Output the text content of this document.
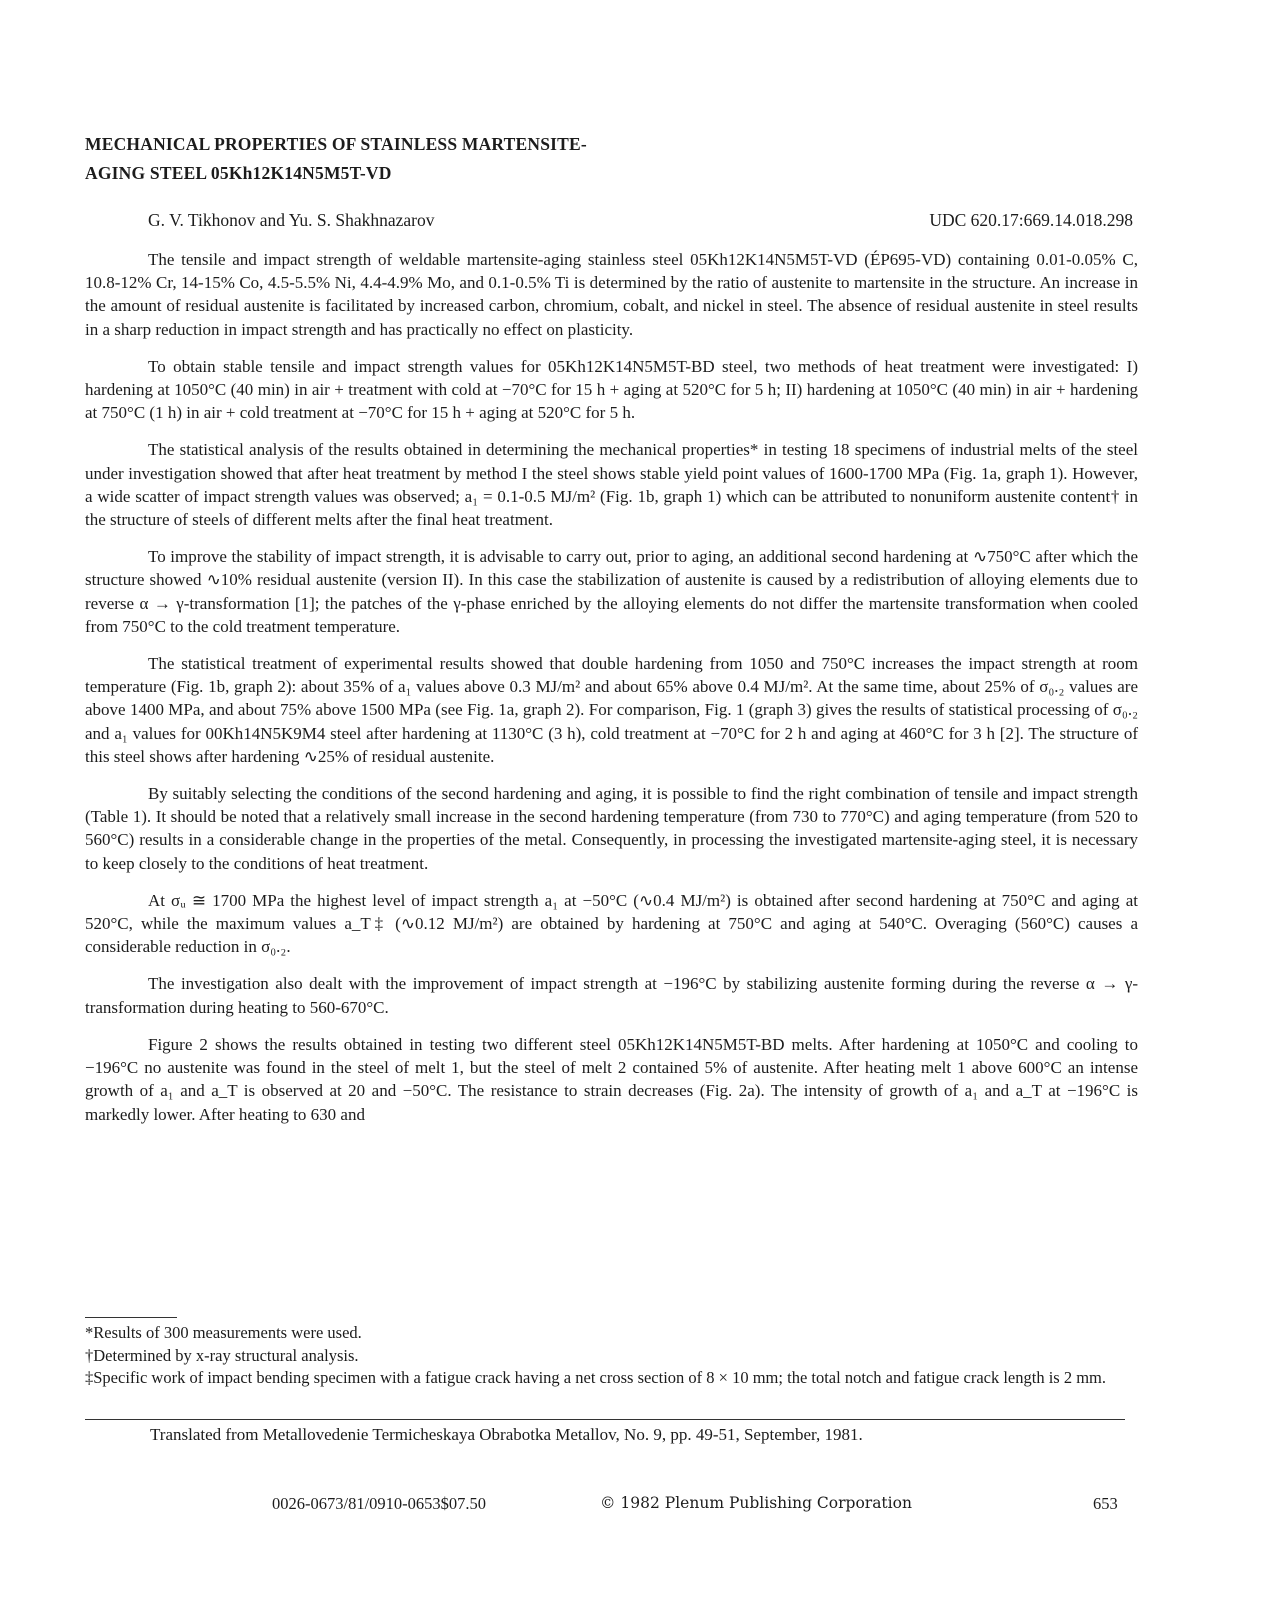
MECHANICAL PROPERTIES OF STAINLESS MARTENSITE-
AGING STEEL 05Kh12K14N5M5T-VD
G. V. Tikhonov and Yu. S. Shakhnazarov	UDC 620.17:669.14.018.298

The tensile and impact strength of weldable martensite-aging stainless steel 05Kh12K14N5M5T-VD (ÉP695-VD) containing 0.01-0.05% C, 10.8-12% Cr, 14-15% Co, 4.5-5.5% Ni, 4.4-4.9% Mo, and 0.1-0.5% Ti is determined by the ratio of austenite to martensite in the structure. An increase in the amount of residual austenite is facilitated by increased carbon, chromium, cobalt, and nickel in steel. The absence of residual austenite in steel results in a sharp reduction in impact strength and has practically no effect on plasticity.

To obtain stable tensile and impact strength values for 05Kh12K14N5M5T-BD steel, two methods of heat treatment were investigated: I) hardening at 1050°C (40 min) in air + treatment with cold at −70°C for 15 h + aging at 520°C for 5 h; II) hardening at 1050°C (40 min) in air + hardening at 750°C (1 h) in air + cold treatment at −70°C for 15 h + aging at 520°C for 5 h.

The statistical analysis of the results obtained in determining the mechanical properties* in testing 18 specimens of industrial melts of the steel under investigation showed that after heat treatment by method I the steel shows stable yield point values of 1600-1700 MPa (Fig. 1a, graph 1). However, a wide scatter of impact strength values was observed; a₁ = 0.1-0.5 MJ/m² (Fig. 1b, graph 1) which can be attributed to nonuniform austenite content† in the structure of steels of different melts after the final heat treatment.

To improve the stability of impact strength, it is advisable to carry out, prior to aging, an additional second hardening at ∿750°C after which the structure showed ∿10% residual austenite (version II). In this case the stabilization of austenite is caused by a redistribution of alloying elements due to reverse α → γ-transformation [1]; the patches of the γ-phase enriched by the alloying elements do not differ the martensite transformation when cooled from 750°C to the cold treatment temperature.

The statistical treatment of experimental results showed that double hardening from 1050 and 750°C increases the impact strength at room temperature (Fig. 1b, graph 2): about 35% of a₁ values above 0.3 MJ/m² and about 65% above 0.4 MJ/m². At the same time, about 25% of σ₀.₂ values are above 1400 MPa, and about 75% above 1500 MPa (see Fig. 1a, graph 2). For comparison, Fig. 1 (graph 3) gives the results of statistical processing of σ₀.₂ and a₁ values for 00Kh14N5K9M4 steel after hardening at 1130°C (3 h), cold treatment at −70°C for 2 h and aging at 460°C for 3 h [2]. The structure of this steel shows after hardening ∿25% of residual austenite.

By suitably selecting the conditions of the second hardening and aging, it is possible to find the right combination of tensile and impact strength (Table 1). It should be noted that a relatively small increase in the second hardening temperature (from 730 to 770°C) and aging temperature (from 520 to 560°C) results in a considerable change in the properties of the metal. Consequently, in processing the investigated martensite-aging steel, it is necessary to keep closely to the conditions of heat treatment.

At σᵤ ≅ 1700 MPa the highest level of impact strength a₁ at −50°C (∿0.4 MJ/m²) is obtained after second hardening at 750°C and aging at 520°C, while the maximum values a_T‡ (∿0.12 MJ/m²) are obtained by hardening at 750°C and aging at 540°C. Overaging (560°C) causes a considerable reduction in σ₀.₂.

The investigation also dealt with the improvement of impact strength at −196°C by stabilizing austenite forming during the reverse α → γ-transformation during heating to 560-670°C.

Figure 2 shows the results obtained in testing two different steel 05Kh12K14N5M5T-BD melts. After hardening at 1050°C and cooling to −196°C no austenite was found in the steel of melt 1, but the steel of melt 2 contained 5% of austenite. After heating melt 1 above 600°C an intense growth of a₁ and a_T is observed at 20 and −50°C. The resistance to strain decreases (Fig. 2a). The intensity of growth of a₁ and a_T at −196°C is markedly lower. After heating to 630 and

*Results of 300 measurements were used.
†Determined by x-ray structural analysis.
‡Specific work of impact bending specimen with a fatigue crack having a net cross section of 8 × 10 mm; the total notch and fatigue crack length is 2 mm.
Translated from Metallovedenie Termicheskaya Obrabotka Metallov, No. 9, pp. 49-51, September, 1981.
0026-0673/81/0910-0653$07.50	© 1982 Plenum Publishing Corporation	653
